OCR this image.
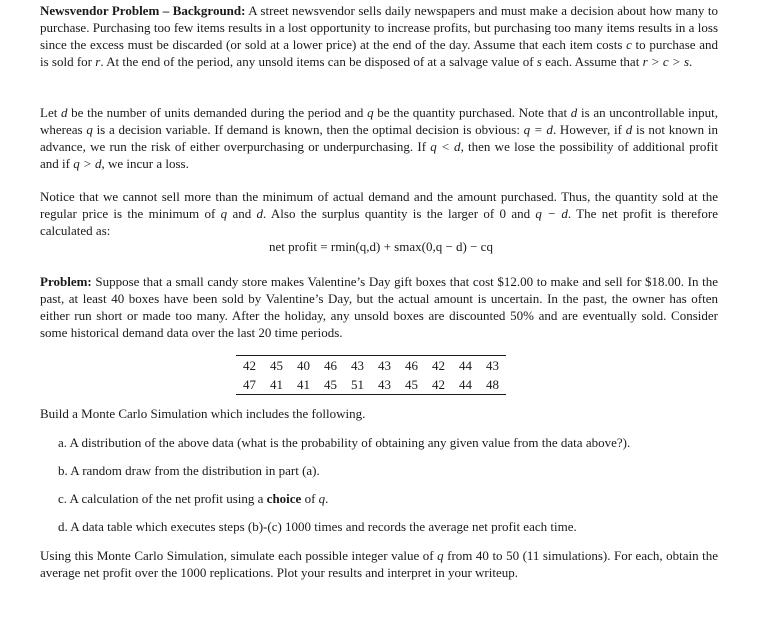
Newsvendor Problem – Background: A street newsvendor sells daily newspapers and must make a decision about how many to purchase. Purchasing too few items results in a lost opportunity to increase profits, but purchasing too many items results in a loss since the excess must be discarded (or sold at a lower price) at the end of the day. Assume that each item costs c to purchase and is sold for r. At the end of the period, any unsold items can be disposed of at a salvage value of s each. Assume that r > c > s.

Let d be the number of units demanded during the period and q be the quantity purchased. Note that d is an uncontrollable input, whereas q is a decision variable. If demand is known, then the optimal decision is obvious: q = d. However, if d is not known in advance, we run the risk of either overpurchasing or underpurchasing. If q < d, then we lose the possibility of additional profit and if q > d, we incur a loss.

Notice that we cannot sell more than the minimum of actual demand and the amount purchased. Thus, the quantity sold at the regular price is the minimum of q and d. Also the surplus quantity is the larger of 0 and q − d. The net profit is therefore calculated as:

net profit = rmin(q,d) + smax(0,q − d) − cq

Problem: Suppose that a small candy store makes Valentine’s Day gift boxes that cost $12.00 to make and sell for $18.00. In the past, at least 40 boxes have been sold by Valentine’s Day, but the actual amount is uncertain. In the past, the owner has often either run short or made too many. After the holiday, any unsold boxes are discounted 50% and are eventually sold. Consider some historical demand data over the last 20 time periods.

42	45	40	46	43	43	46	42	44	43
47	41	41	45	51	43	45	42	44	48

Build a Monte Carlo Simulation which includes the following.

a. A distribution of the above data (what is the probability of obtaining any given value from the data above?).
b. A random draw from the distribution in part (a).
c. A calculation of the net profit using a choice of q.
d. A data table which executes steps (b)-(c) 1000 times and records the average net profit each time.

Using this Monte Carlo Simulation, simulate each possible integer value of q from 40 to 50 (11 simulations). For each, obtain the average net profit over the 1000 replications. Plot your results and interpret in your writeup.
